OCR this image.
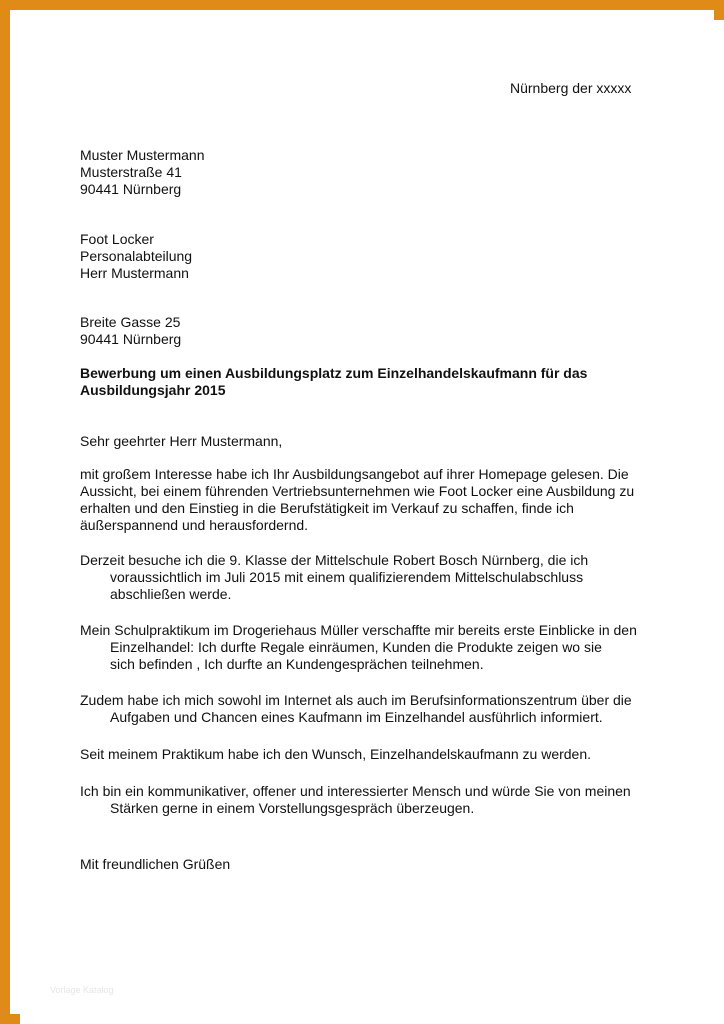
Nürnberg der xxxxx
Muster Mustermann
Musterstraße 41
90441 Nürnberg
Foot Locker
Personalabteilung
Herr Mustermann
Breite Gasse 25
90441 Nürnberg
Bewerbung um einen Ausbildungsplatz zum Einzelhandelskaufmann für das
Ausbildungsjahr 2015
Sehr geehrter Herr Mustermann,
mit großem Interesse habe ich Ihr Ausbildungsangebot auf ihrer Homepage gelesen. Die
Aussicht, bei einem führenden Vertriebsunternehmen wie Foot Locker eine Ausbildung zu
erhalten und den Einstieg in die Berufstätigkeit im Verkauf zu schaffen, finde ich
äußerspannend und herausfordernd.
Derzeit besuche ich die 9. Klasse der Mittelschule Robert Bosch Nürnberg, die ich
voraussichtlich im Juli 2015 mit einem qualifizierendem Mittelschulabschluss
abschließen werde.
Mein Schulpraktikum im Drogeriehaus Müller verschaffte mir bereits erste Einblicke in den
Einzelhandel: Ich durfte Regale einräumen, Kunden die Produkte zeigen wo sie
sich befinden , Ich durfte an Kundengesprächen teilnehmen.
Zudem habe ich mich sowohl im Internet als auch im Berufsinformationszentrum über die
Aufgaben und Chancen eines Kaufmann im Einzelhandel ausführlich informiert.
Seit meinem Praktikum habe ich den Wunsch, Einzelhandelskaufmann zu werden.
Ich bin ein kommunikativer, offener und interessierter Mensch und würde Sie von meinen
Stärken gerne in einem Vorstellungsgespräch überzeugen.
Mit freundlichen Grüßen
Vorlage Katalog
